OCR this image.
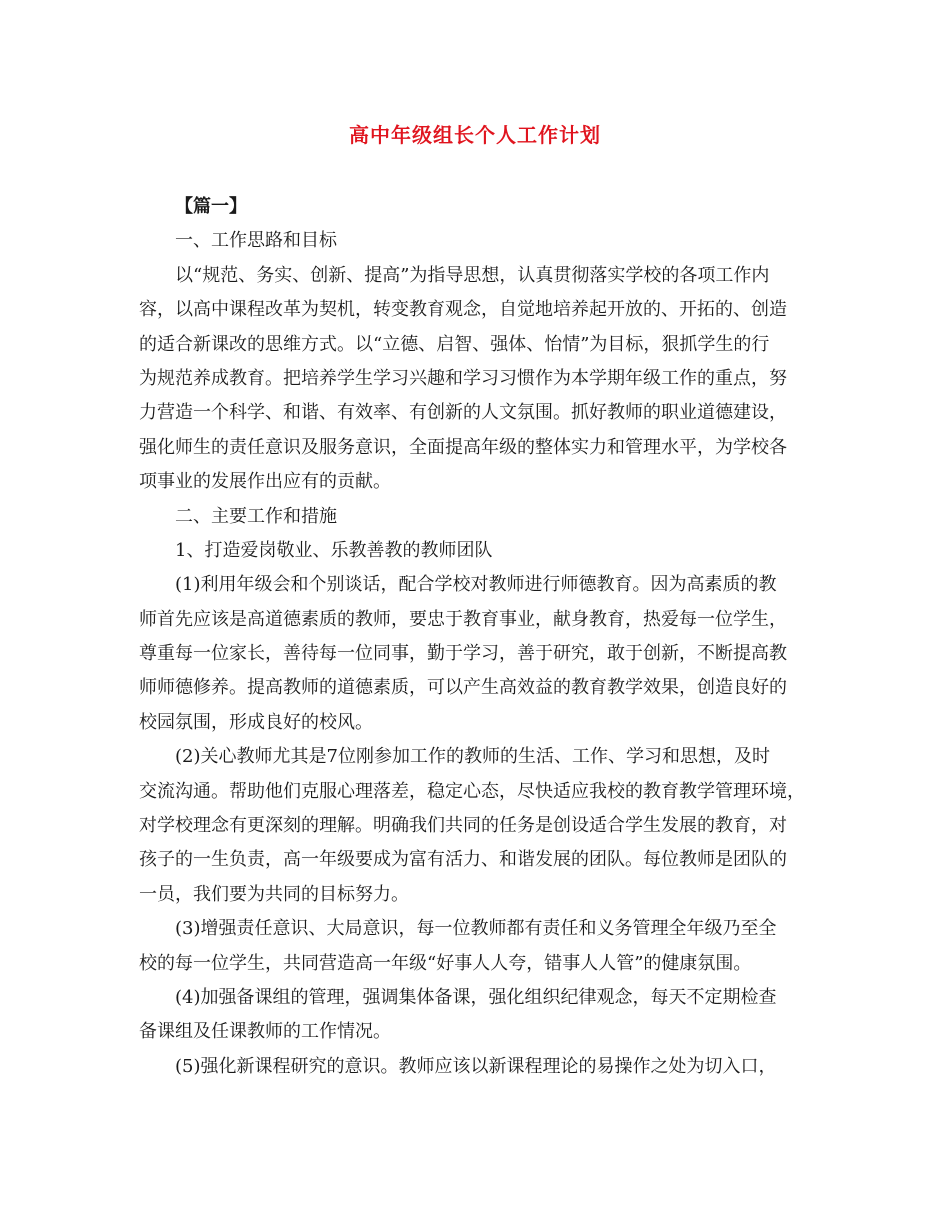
高中年级组长个人工作计划
【篇一】
一、工作思路和目标
以“规范、务实、创新、提高”为指导思想，认真贯彻落实学校的各项工作内
容，以高中课程改革为契机，转变教育观念，自觉地培养起开放的、开拓的、创造
的适合新课改的思维方式。以“立德、启智、强体、怡情”为目标，狠抓学生的行
为规范养成教育。把培养学生学习兴趣和学习习惯作为本学期年级工作的重点，努
力营造一个科学、和谐、有效率、有创新的人文氛围。抓好教师的职业道德建设，
强化师生的责任意识及服务意识，全面提高年级的整体实力和管理水平，为学校各
项事业的发展作出应有的贡献。
二、主要工作和措施
1、打造爱岗敬业、乐教善教的教师团队
(1)利用年级会和个别谈话，配合学校对教师进行师德教育。因为高素质的教
师首先应该是高道德素质的教师，要忠于教育事业，献身教育，热爱每一位学生，
尊重每一位家长，善待每一位同事，勤于学习，善于研究，敢于创新，不断提高教
师师德修养。提高教师的道德素质，可以产生高效益的教育教学效果，创造良好的
校园氛围，形成良好的校风。
(2)关心教师尤其是7位刚参加工作的教师的生活、工作、学习和思想，及时
交流沟通。帮助他们克服心理落差，稳定心态，尽快适应我校的教育教学管理环境，
对学校理念有更深刻的理解。明确我们共同的任务是创设适合学生发展的教育，对
孩子的一生负责，高一年级要成为富有活力、和谐发展的团队。每位教师是团队的
一员，我们要为共同的目标努力。
(3)增强责任意识、大局意识，每一位教师都有责任和义务管理全年级乃至全
校的每一位学生，共同营造高一年级“好事人人夸，错事人人管”的健康氛围。
(4)加强备课组的管理，强调集体备课，强化组织纪律观念，每天不定期检查
备课组及任课教师的工作情况。
(5)强化新课程研究的意识。教师应该以新课程理论的易操作之处为切入口，
